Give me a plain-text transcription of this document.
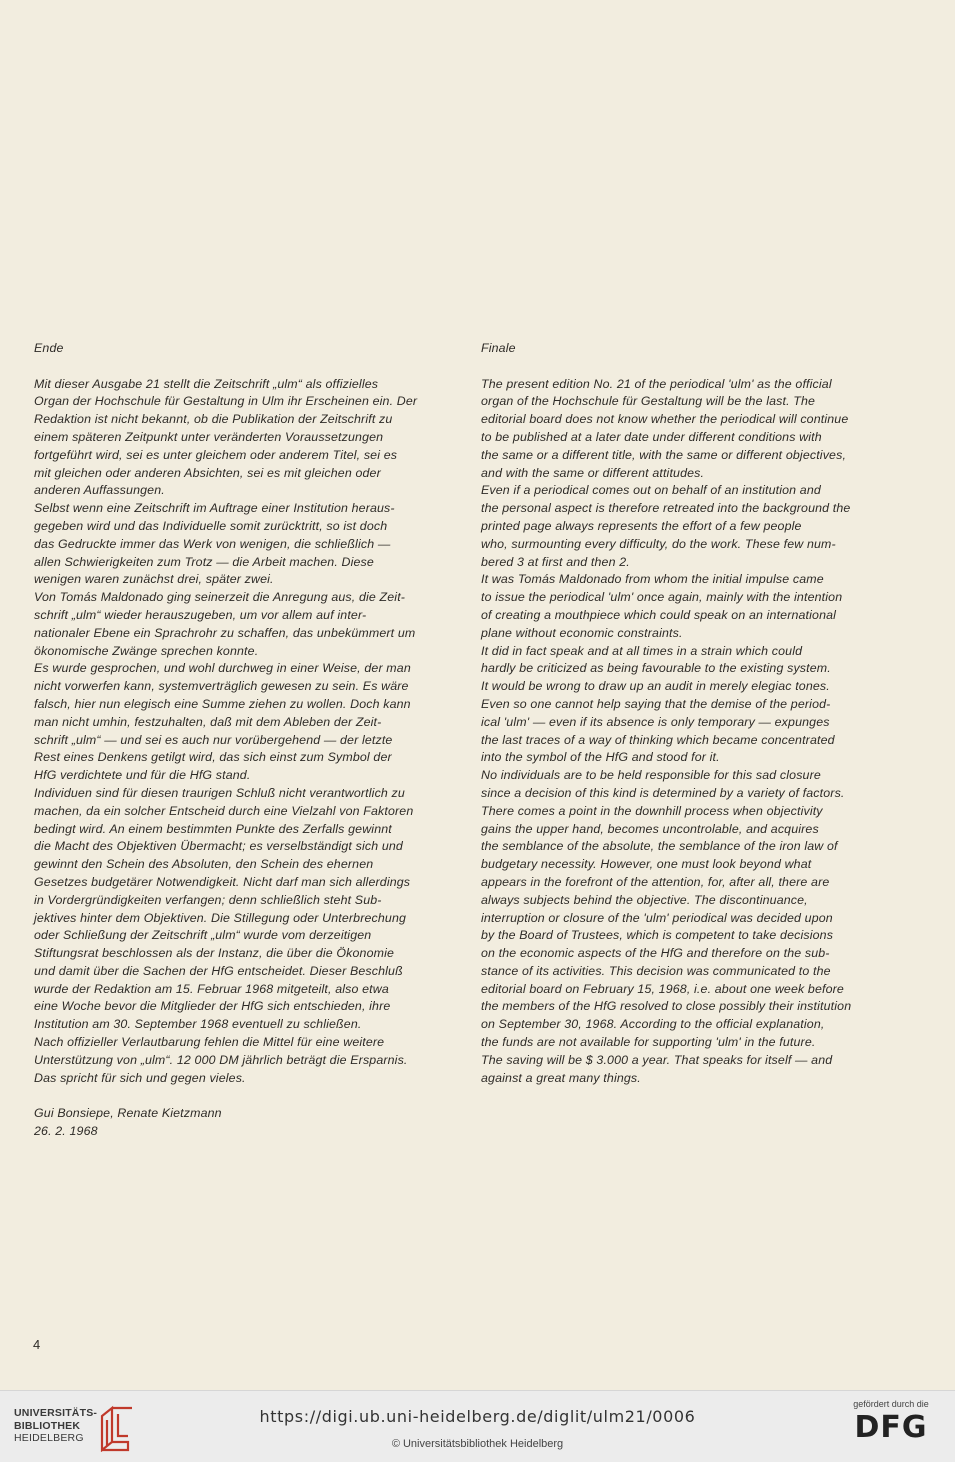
Ende
Mit dieser Ausgabe 21 stellt die Zeitschrift „ulm“ als offizielles
Organ der Hochschule für Gestaltung in Ulm ihr Erscheinen ein. Der
Redaktion ist nicht bekannt, ob die Publikation der Zeitschrift zu
einem späteren Zeitpunkt unter veränderten Voraussetzungen
fortgeführt wird, sei es unter gleichem oder anderem Titel, sei es
mit gleichen oder anderen Absichten, sei es mit gleichen oder
anderen Auffassungen.
Selbst wenn eine Zeitschrift im Auftrage einer Institution heraus-
gegeben wird und das Individuelle somit zurücktritt, so ist doch
das Gedruckte immer das Werk von wenigen, die schließlich —
allen Schwierigkeiten zum Trotz — die Arbeit machen. Diese
wenigen waren zunächst drei, später zwei.
Von Tomás Maldonado ging seinerzeit die Anregung aus, die Zeit-
schrift „ulm“ wieder herauszugeben, um vor allem auf inter-
nationaler Ebene ein Sprachrohr zu schaffen, das unbekümmert um
ökonomische Zwänge sprechen konnte.
Es wurde gesprochen, und wohl durchweg in einer Weise, der man
nicht vorwerfen kann, systemverträglich gewesen zu sein. Es wäre
falsch, hier nun elegisch eine Summe ziehen zu wollen. Doch kann
man nicht umhin, festzuhalten, daß mit dem Ableben der Zeit-
schrift „ulm“ — und sei es auch nur vorübergehend — der letzte
Rest eines Denkens getilgt wird, das sich einst zum Symbol der
HfG verdichtete und für die HfG stand.
Individuen sind für diesen traurigen Schluß nicht verantwortlich zu
machen, da ein solcher Entscheid durch eine Vielzahl von Faktoren
bedingt wird. An einem bestimmten Punkte des Zerfalls gewinnt
die Macht des Objektiven Übermacht; es verselbständigt sich und
gewinnt den Schein des Absoluten, den Schein des ehernen
Gesetzes budgetärer Notwendigkeit. Nicht darf man sich allerdings
in Vordergründigkeiten verfangen; denn schließlich steht Sub-
jektives hinter dem Objektiven. Die Stillegung oder Unterbrechung
oder Schließung der Zeitschrift „ulm“ wurde vom derzeitigen
Stiftungsrat beschlossen als der Instanz, die über die Ökonomie
und damit über die Sachen der HfG entscheidet. Dieser Beschluß
wurde der Redaktion am 15. Februar 1968 mitgeteilt, also etwa
eine Woche bevor die Mitglieder der HfG sich entschieden, ihre
Institution am 30. September 1968 eventuell zu schließen.
Nach offizieller Verlautbarung fehlen die Mittel für eine weitere
Unterstützung von „ulm“. 12 000 DM jährlich beträgt die Ersparnis.
Das spricht für sich und gegen vieles.
Gui Bonsiepe, Renate Kietzmann
26. 2. 1968
Finale
The present edition No. 21 of the periodical 'ulm' as the official
organ of the Hochschule für Gestaltung will be the last. The
editorial board does not know whether the periodical will continue
to be published at a later date under different conditions with
the same or a different title, with the same or different objectives,
and with the same or different attitudes.
Even if a periodical comes out on behalf of an institution and
the personal aspect is therefore retreated into the background the
printed page always represents the effort of a few people
who, surmounting every difficulty, do the work. These few num-
bered 3 at first and then 2.
It was Tomás Maldonado from whom the initial impulse came
to issue the periodical 'ulm' once again, mainly with the intention
of creating a mouthpiece which could speak on an international
plane without economic constraints.
It did in fact speak and at all times in a strain which could
hardly be criticized as being favourable to the existing system.
It would be wrong to draw up an audit in merely elegiac tones.
Even so one cannot help saying that the demise of the period-
ical 'ulm' — even if its absence is only temporary — expunges
the last traces of a way of thinking which became concentrated
into the symbol of the HfG and stood for it.
No individuals are to be held responsible for this sad closure
since a decision of this kind is determined by a variety of factors.
There comes a point in the downhill process when objectivity
gains the upper hand, becomes uncontrolable, and acquires
the semblance of the absolute, the semblance of the iron law of
budgetary necessity. However, one must look beyond what
appears in the forefront of the attention, for, after all, there are
always subjects behind the objective. The discontinuance,
interruption or closure of the 'ulm' periodical was decided upon
by the Board of Trustees, which is competent to take decisions
on the economic aspects of the HfG and therefore on the sub-
stance of its activities. This decision was communicated to the
editorial board on February 15, 1968, i.e. about one week before
the members of the HfG resolved to close possibly their institution
on September 30, 1968. According to the official explanation,
the funds are not available for supporting 'ulm' in the future.
The saving will be $ 3.000 a year. That speaks for itself — and
against a great many things.
4
UNIVERSITÄTS-
BIBLIOTHEK
HEIDELBERG
https://digi.ub.uni-heidelberg.de/diglit/ulm21/0006
© Universitätsbibliothek Heidelberg
gefördert durch die
DFG
